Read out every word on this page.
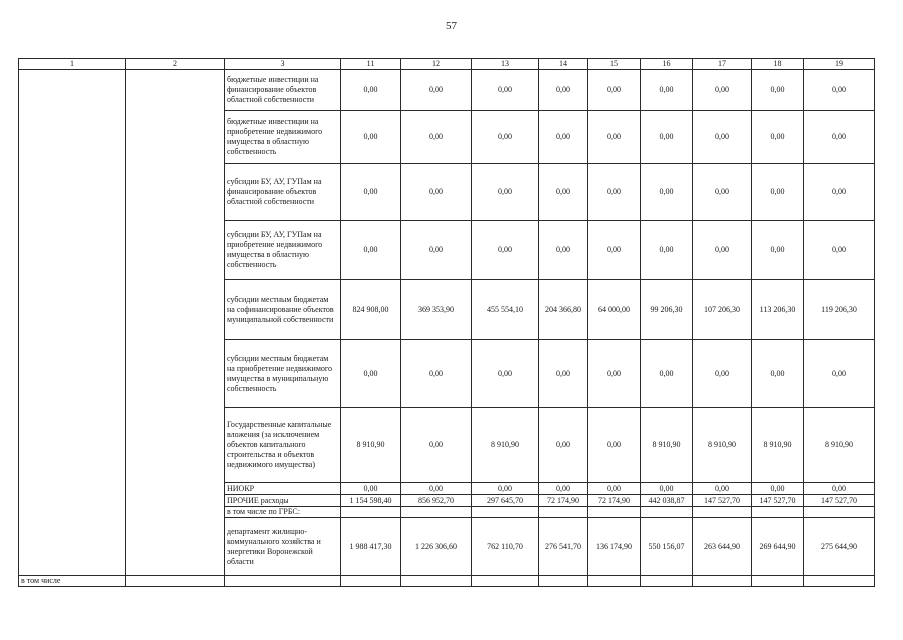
57
1	2	3	11	12	13	14	15	16	17	18	19
		бюджетные инвестиции на финансирование объектов областной собственности	0,00	0,00	0,00	0,00	0,00	0,00	0,00	0,00	0,00
		бюджетные инвестиции на приобретение недвижимого имущества в областную собственность	0,00	0,00	0,00	0,00	0,00	0,00	0,00	0,00	0,00
		субсидии БУ, АУ, ГУПам на финансирование объектов областной собственности	0,00	0,00	0,00	0,00	0,00	0,00	0,00	0,00	0,00
		субсидии БУ, АУ, ГУПам на приобретение недвижимого имущества в областную собственность	0,00	0,00	0,00	0,00	0,00	0,00	0,00	0,00	0,00
		субсидии местным бюджетам на софинансирование объектов муниципальной собственности	824 908,00	369 353,90	455 554,10	204 366,80	64 000,00	99 206,30	107 206,30	113 206,30	119 206,30
		субсидии местным бюджетам на приобретение недвижимого имущества в муниципальную собственность	0,00	0,00	0,00	0,00	0,00	0,00	0,00	0,00	0,00
		Государственные капитальные вложения (за исключением объектов капитального строительства и объектов недвижимого имущества)	8 910,90	0,00	8 910,90	0,00	0,00	8 910,90	8 910,90	8 910,90	8 910,90
		НИОКР	0,00	0,00	0,00	0,00	0,00	0,00	0,00	0,00	0,00
		ПРОЧИЕ расходы	1 154 598,40	856 952,70	297 645,70	72 174,90	72 174,90	442 038,87	147 527,70	147 527,70	147 527,70
		в том числе по ГРБС:									
		департамент жилищно-коммунального хозяйства и энергетики Воронежской области	1 988 417,30	1 226 306,60	762 110,70	276 541,70	136 174,90	550 156,07	263 644,90	269 644,90	275 644,90
в том числе											
